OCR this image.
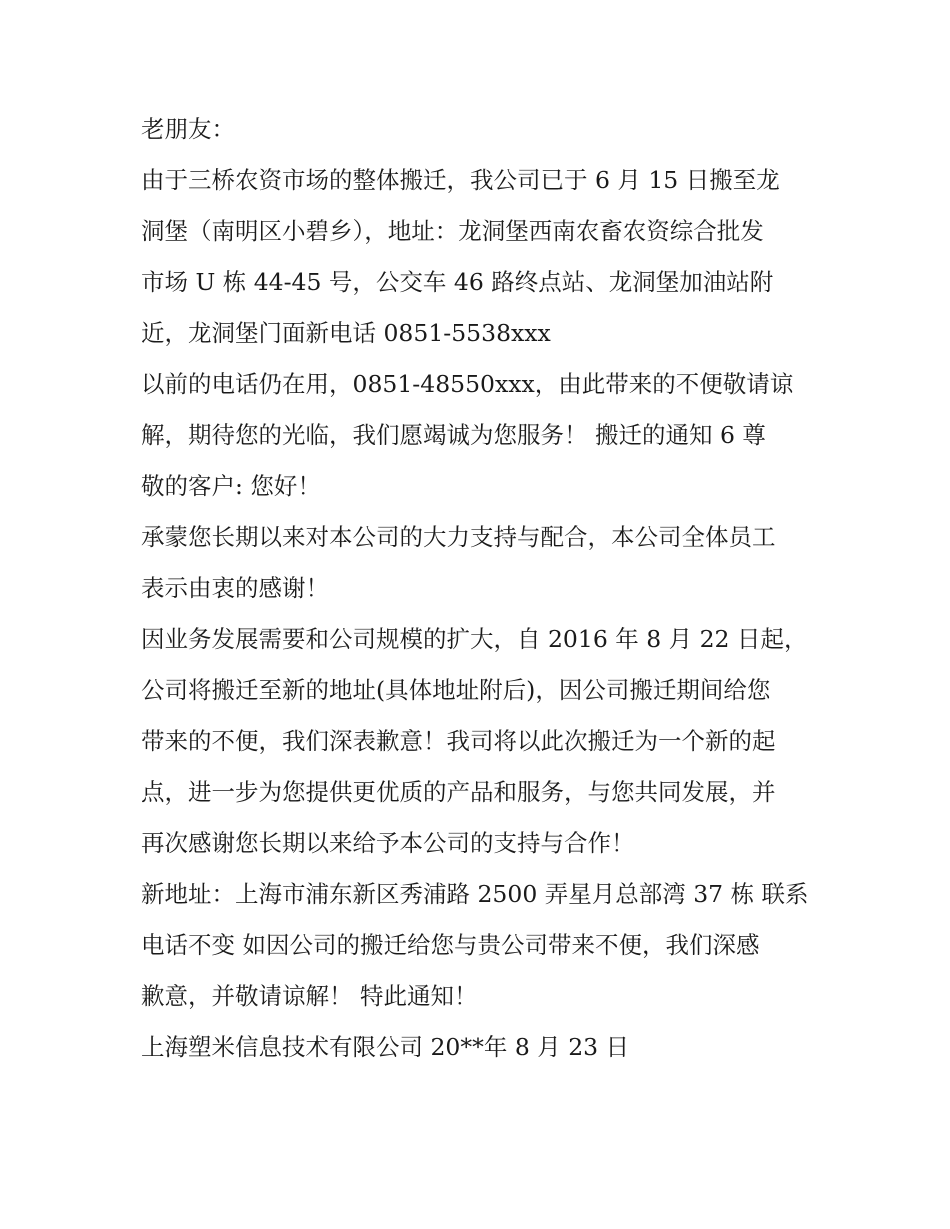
老朋友：
由于三桥农资市场的整体搬迁，我公司已于 6 月 15 日搬至龙
洞堡（南明区小碧乡），地址：龙洞堡西南农畜农资综合批发
市场 U 栋 44-45 号，公交车 46 路终点站、龙洞堡加油站附
近，龙洞堡门面新电话 0851-5538xxx
以前的电话仍在用，0851-48550xxx，由此带来的不便敬请谅
解，期待您的光临，我们愿竭诚为您服务！ 搬迁的通知 6 尊
敬的客户: 您好！
承蒙您长期以来对本公司的大力支持与配合，本公司全体员工
表示由衷的感谢！
因业务发展需要和公司规模的扩大，自 2016 年 8 月 22 日起，
公司将搬迁至新的地址(具体地址附后)，因公司搬迁期间给您
带来的不便，我们深表歉意！我司将以此次搬迁为一个新的起
点，进一步为您提供更优质的产品和服务，与您共同发展，并
再次感谢您长期以来给予本公司的支持与合作！
新地址：上海市浦东新区秀浦路 2500 弄星月总部湾 37 栋 联系
电话不变 如因公司的搬迁给您与贵公司带来不便，我们深感
歉意，并敬请谅解！ 特此通知！
上海塑米信息技术有限公司 20**年 8 月 23 日
